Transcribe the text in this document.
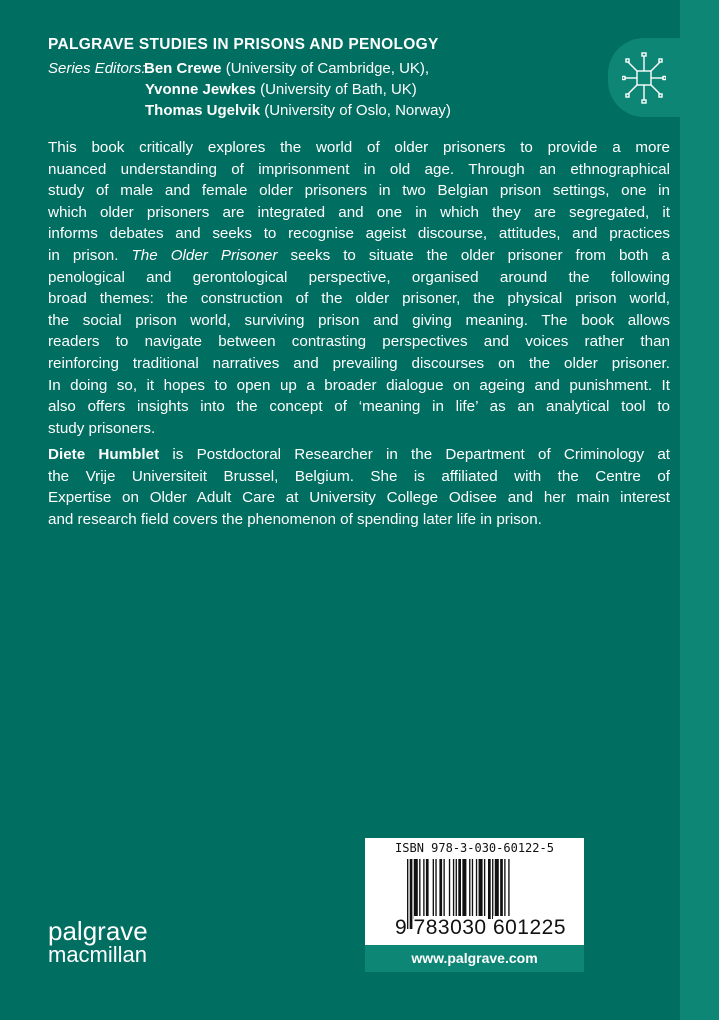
PALGRAVE STUDIES IN PRISONS AND PENOLOGY
Series Editors:Ben Crewe (University of Cambridge, UK),
Yvonne Jewkes (University of Bath, UK)
Thomas Ugelvik (University of Oslo, Norway)
This book critically explores the world of older prisoners to provide a more
nuanced understanding of imprisonment in old age. Through an ethnographical
study of male and female older prisoners in two Belgian prison settings, one in
which older prisoners are integrated and one in which they are segregated, it
informs debates and seeks to recognise ageist discourse, attitudes, and practices
in prison. The Older Prisoner seeks to situate the older prisoner from both a
penological and gerontological perspective, organised around the following
broad themes: the construction of the older prisoner, the physical prison world,
the social prison world, surviving prison and giving meaning. The book allows
readers to navigate between contrasting perspectives and voices rather than
reinforcing traditional narratives and prevailing discourses on the older prisoner.
In doing so, it hopes to open up a broader dialogue on ageing and punishment. It
also offers insights into the concept of ‘meaning in life’ as an analytical tool to
study prisoners.
Diete Humblet is Postdoctoral Researcher in the Department of Criminology at
the Vrije Universiteit Brussel, Belgium. She is affiliated with the Centre of
Expertise on Older Adult Care at University College Odisee and her main interest
and research field covers the phenomenon of spending later life in prison.
ISBN 978-3-030-60122-5
9 783030 601225
www.palgrave.com
palgrave
macmillan
